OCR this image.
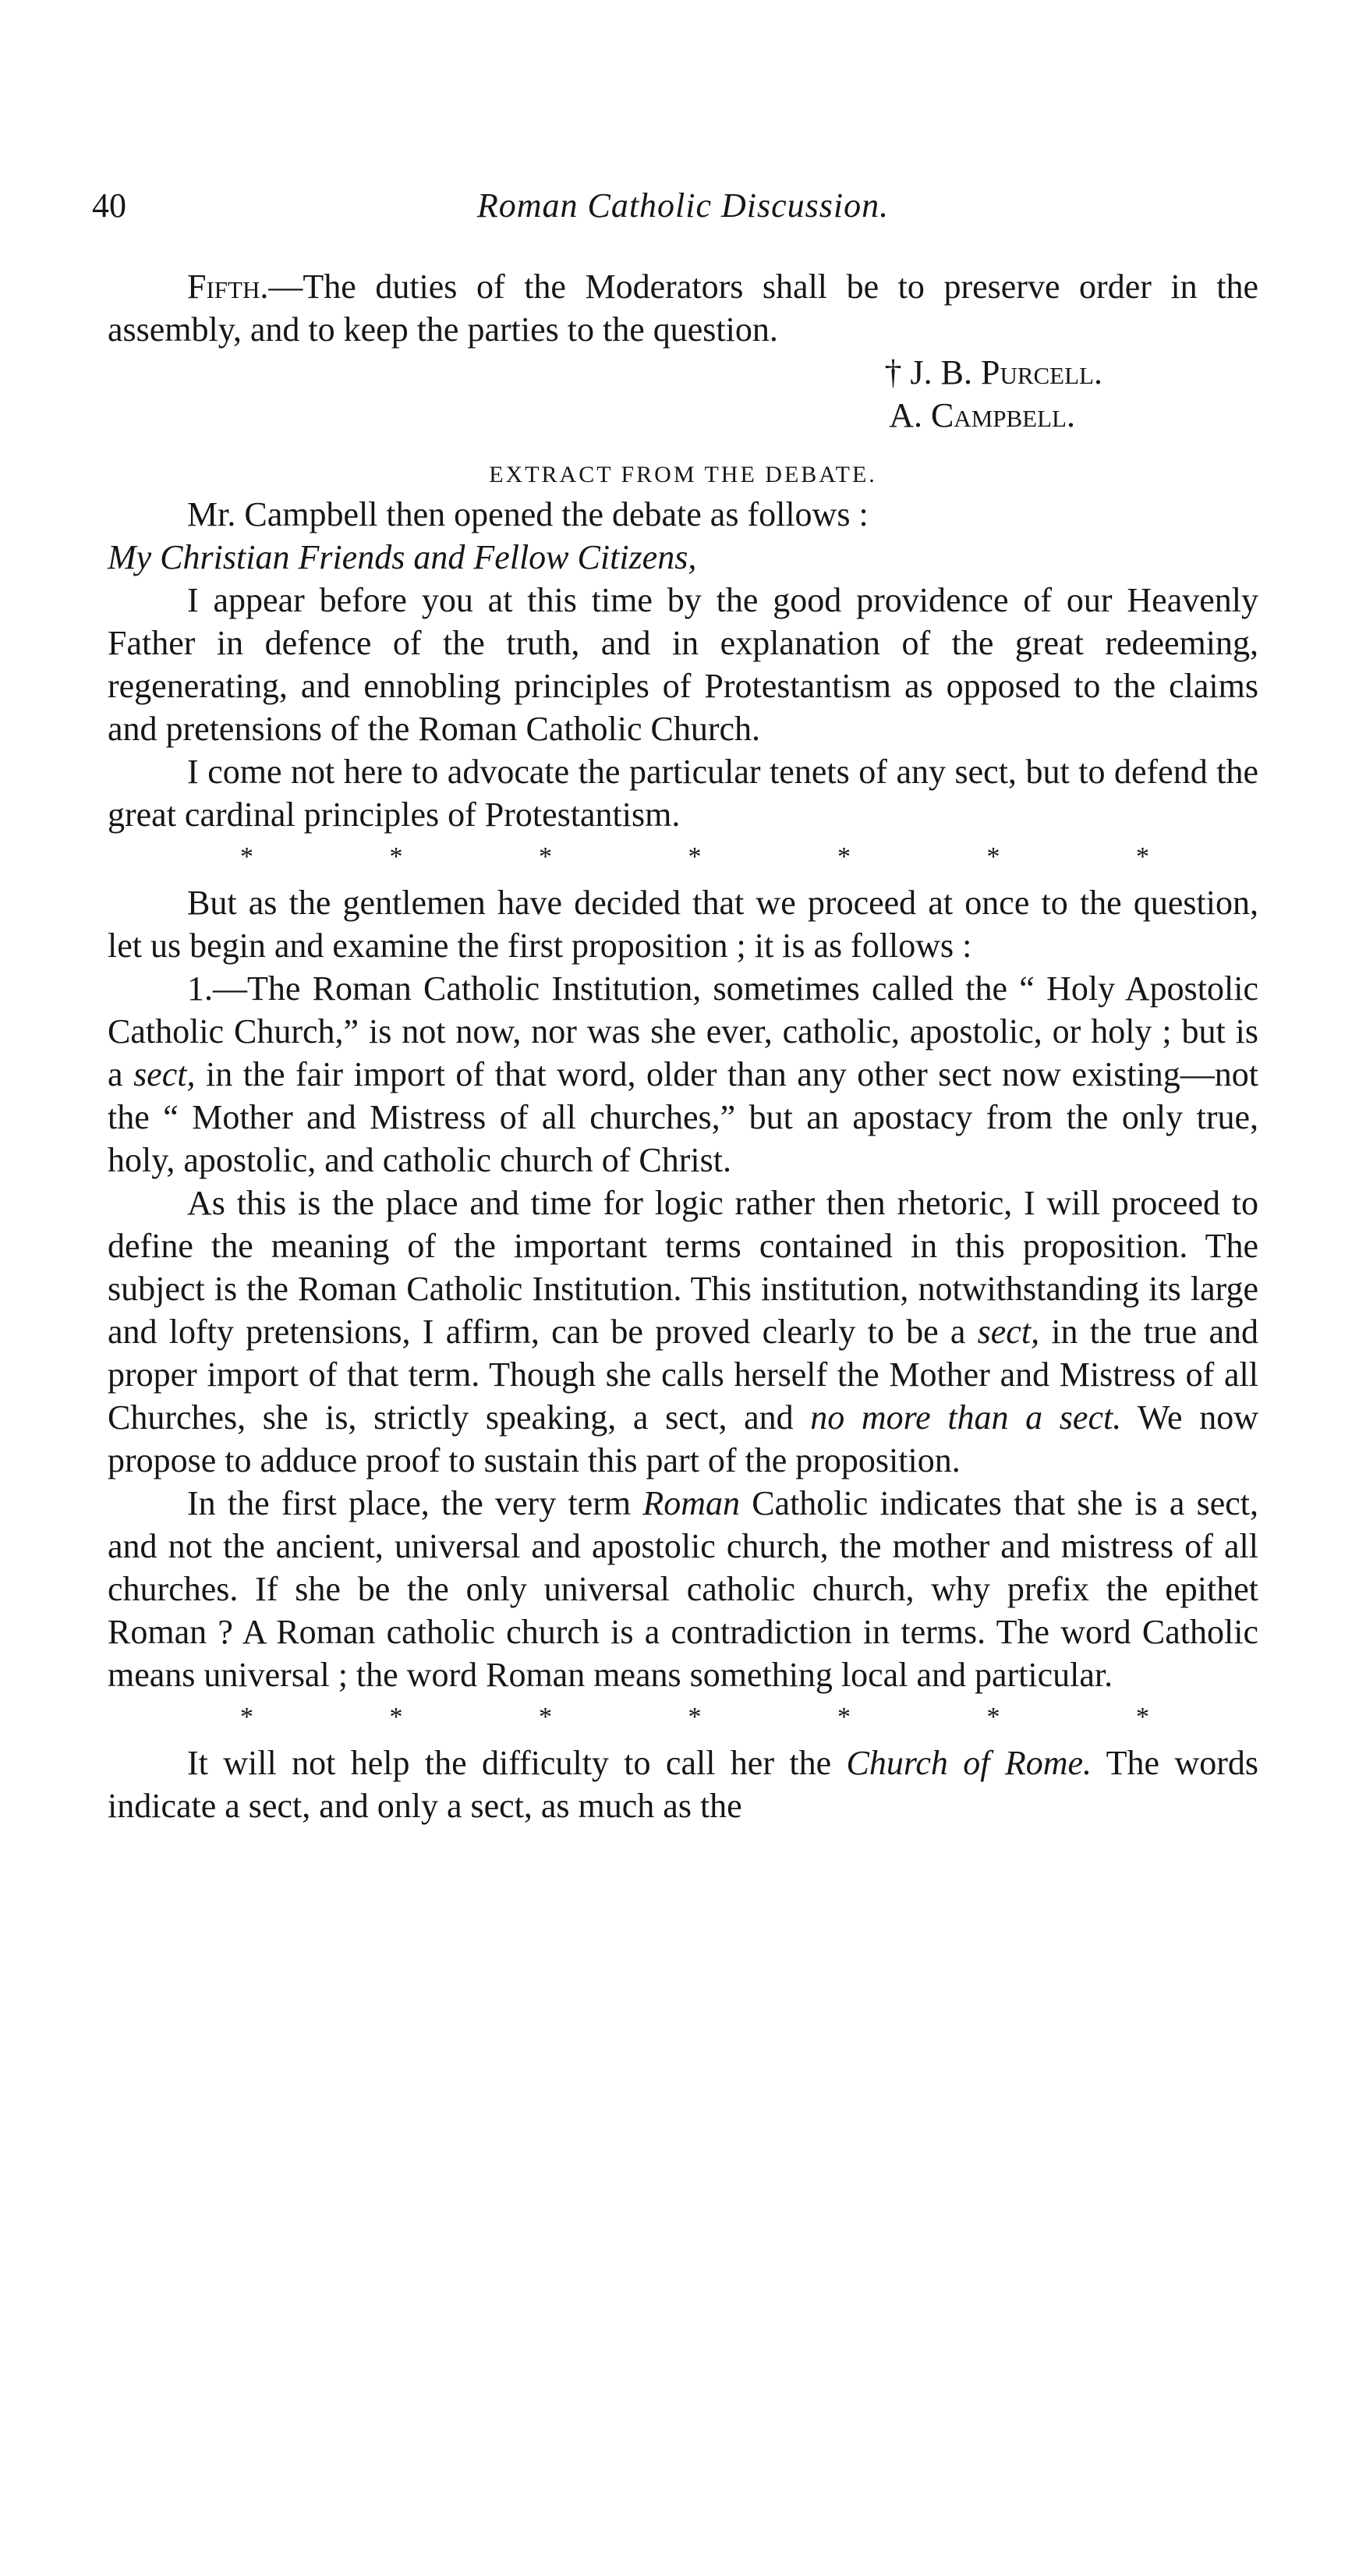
40	Roman Catholic Discussion.

Fifth.—The duties of the Moderators shall be to preserve order in the assembly, and to keep the parties to the question.

† J. B. Purcell.
A. Campbell.
EXTRACT FROM THE DEBATE.

Mr. Campbell then opened the debate as follows :

My Christian Friends and Fellow Citizens,

I appear before you at this time by the good providence of our Heavenly Father in defence of the truth, and in explanation of the great redeeming, regenerating, and ennobling principles of Protestantism as opposed to the claims and pretensions of the Roman Catholic Church.

I come not here to advocate the particular tenets of any sect, but to defend the great cardinal principles of Protestantism.

*	*	*	*	*	*	*

But as the gentlemen have decided that we proceed at once to the question, let us begin and examine the first proposition ; it is as follows :

1.—The Roman Catholic Institution, sometimes called the “ Holy Apostolic Catholic Church,” is not now, nor was she ever, catholic, apostolic, or holy ; but is a sect, in the fair import of that word, older than any other sect now existing—not the “ Mother and Mistress of all churches,” but an apostacy from the only true, holy, apostolic, and catholic church of Christ.

As this is the place and time for logic rather then rhetoric, I will proceed to define the meaning of the important terms contained in this proposition. The subject is the Roman Catholic Institution. This institution, notwithstanding its large and lofty pretensions, I affirm, can be proved clearly to be a sect, in the true and proper import of that term. Though she calls herself the Mother and Mistress of all Churches, she is, strictly speaking, a sect, and no more than a sect. We now propose to adduce proof to sustain this part of the proposition.

In the first place, the very term Roman Catholic indicates that she is a sect, and not the ancient, universal and apostolic church, the mother and mistress of all churches. If she be the only universal catholic church, why prefix the epithet Roman ? A Roman catholic church is a contradiction in terms. The word Catholic means universal ; the word Roman means something local and particular.

*	*	*	*	*	*	*

It will not help the difficulty to call her the Church of Rome. The words indicate a sect, and only a sect, as much as the
